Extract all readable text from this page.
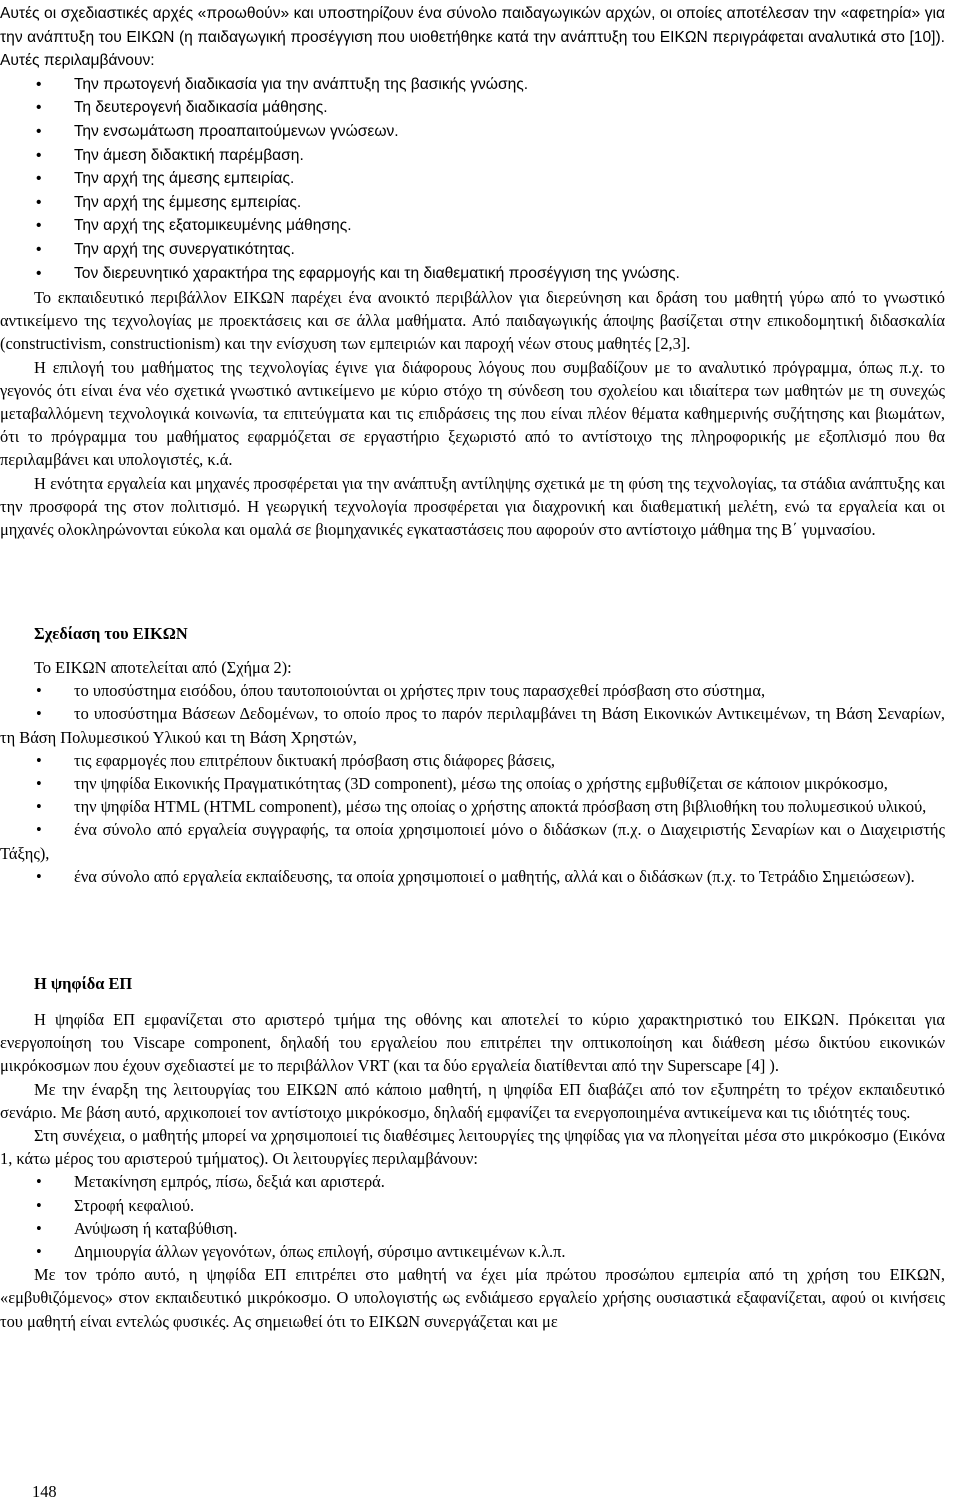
Αυτές οι σχεδιαστικές αρχές «προωθούν» και υποστηρίζουν ένα σύνολο παιδαγωγικών αρχών, οι οποίες αποτέλεσαν την «αφετηρία» για την ανάπτυξη του ΕΙΚΩΝ (η παιδαγωγική προσέγγιση που υιοθετήθηκε κατά την ανάπτυξη του ΕΙΚΩΝ περιγράφεται αναλυτικά στο [10]). Αυτές περιλαμβάνουν:

•	Την πρωτογενή διαδικασία για την ανάπτυξη της βασικής γνώσης.
•	Τη δευτερογενή διαδικασία μάθησης.
•	Την ενσωμάτωση προαπαιτούμενων γνώσεων.
•	Την άμεση διδακτική παρέμβαση.
•	Την αρχή της άμεσης εμπειρίας.
•	Την αρχή της έμμεσης εμπειρίας.
•	Την αρχή της εξατομικευμένης μάθησης.
•	Την αρχή της συνεργατικότητας.
•	Τον διερευνητικό χαρακτήρα της εφαρμογής και τη διαθεματική προσέγγιση της γνώσης.

Το εκπαιδευτικό περιβάλλον ΕΙΚΩΝ παρέχει ένα ανοικτό περιβάλλον για διερεύνηση και δράση του μαθητή γύρω από το γνωστικό αντικείμενο της τεχνολογίας με προεκτάσεις και σε άλλα μαθήματα. Από παιδαγωγικής άποψης βασίζεται στην επικοδομητική διδασκαλία (constructivism, constructionism) και την ενίσχυση των εμπειριών και παροχή νέων στους μαθητές [2,3].

Η επιλογή του μαθήματος της τεχνολογίας έγινε για διάφορους λόγους που συμβαδίζουν με το αναλυτικό πρόγραμμα, όπως π.χ. το γεγονός ότι είναι ένα νέο σχετικά γνωστικό αντικείμενο με κύριο στόχο τη σύνδεση του σχολείου και ιδιαίτερα των μαθητών με τη συνεχώς μεταβαλλόμενη τεχνολογικά κοινωνία, τα επιτεύγματα και τις επιδράσεις της που είναι πλέον θέματα καθημερινής συζήτησης και βιωμάτων, ότι το πρόγραμμα του μαθήματος εφαρμόζεται σε εργαστήριο ξεχωριστό από το αντίστοιχο της πληροφορικής με εξοπλισμό που θα περιλαμβάνει και υπολογιστές, κ.ά.

Η ενότητα εργαλεία και μηχανές προσφέρεται για την ανάπτυξη αντίληψης σχετικά με τη φύση της τεχνολογίας, τα στάδια ανάπτυξης και την προσφορά της στον πολιτισμό. Η γεωργική τεχνολογία προσφέρεται για διαχρονική και διαθεματική μελέτη, ενώ τα εργαλεία και οι μηχανές ολοκληρώνονται εύκολα και ομαλά σε βιομηχανικές εγκαταστάσεις που αφορούν στο αντίστοιχο μάθημα της Β΄ γυμνασίου.

Σχεδίαση του ΕΙΚΩΝ

Το ΕΙΚΩΝ αποτελείται από (Σχήμα 2):

•	το υποσύστημα εισόδου, όπου ταυτοποιούνται οι χρήστες πριν τους παρασχεθεί πρόσβαση στο σύστημα,
•	το υποσύστημα Βάσεων Δεδομένων, το οποίο προς το παρόν περιλαμβάνει τη Βάση Εικονικών Αντικειμένων, τη Βάση Σεναρίων, τη Βάση Πολυμεσικού Υλικού και τη Βάση Χρηστών,
•	τις εφαρμογές που επιτρέπουν δικτυακή πρόσβαση στις διάφορες βάσεις,
•	την ψηφίδα Εικονικής Πραγματικότητας (3D component), μέσω της οποίας ο χρήστης εμβυθίζεται σε κάποιον μικρόκοσμο,
•	την ψηφίδα HTML (HTML component), μέσω της οποίας ο χρήστης αποκτά πρόσβαση στη βιβλιοθήκη του πολυμεσικού υλικού,
•	ένα σύνολο από εργαλεία συγγραφής, τα οποία χρησιμοποιεί μόνο ο διδάσκων (π.χ. ο Διαχειριστής Σεναρίων και ο Διαχειριστής Τάξης),
•	ένα σύνολο από εργαλεία εκπαίδευσης, τα οποία χρησιμοποιεί ο μαθητής, αλλά και ο διδάσκων (π.χ. το Τετράδιο Σημειώσεων).
Η ψηφίδα ΕΠ

Η ψηφίδα ΕΠ εμφανίζεται στο αριστερό τμήμα της οθόνης και αποτελεί το κύριο χαρακτηριστικό του ΕΙΚΩΝ. Πρόκειται για ενεργοποίηση του Viscape component, δηλαδή του εργαλείου που επιτρέπει την οπτικοποίηση και διάθεση μέσω δικτύου εικονικών μικρόκοσμων που έχουν σχεδιαστεί με το περιβάλλον VRT (και τα δύο εργαλεία διατίθενται από την Superscape [4] ).

Με την έναρξη της λειτουργίας του ΕΙΚΩΝ από κάποιο μαθητή, η ψηφίδα ΕΠ διαβάζει από τον εξυπηρέτη το τρέχον εκπαιδευτικό σενάριο. Με βάση αυτό, αρχικοποιεί τον αντίστοιχο μικρόκοσμο, δηλαδή εμφανίζει τα ενεργοποιημένα αντικείμενα και τις ιδιότητές τους.

Στη συνέχεια, ο μαθητής μπορεί να χρησιμοποιεί τις διαθέσιμες λειτουργίες της ψηφίδας για να πλοηγείται μέσα στο μικρόκοσμο (Εικόνα 1, κάτω μέρος του αριστερού τμήματος). Οι λειτουργίες περιλαμβάνουν:

•	Μετακίνηση εμπρός, πίσω, δεξιά και αριστερά.
•	Στροφή κεφαλιού.
•	Ανύψωση ή καταβύθιση.
•	Δημιουργία άλλων γεγονότων, όπως επιλογή, σύρσιμο αντικειμένων κ.λ.π.

Με τον τρόπο αυτό, η ψηφίδα ΕΠ επιτρέπει στο μαθητή να έχει μία πρώτου προσώπου εμπειρία από τη χρήση του ΕΙΚΩΝ, «εμβυθιζόμενος» στον εκπαιδευτικό μικρόκοσμο. Ο υπολογιστής ως ενδιάμεσο εργαλείο χρήσης ουσιαστικά εξαφανίζεται, αφού οι κινήσεις του μαθητή είναι εντελώς φυσικές. Ας σημειωθεί ότι το ΕΙΚΩΝ συνεργάζεται και με

148
